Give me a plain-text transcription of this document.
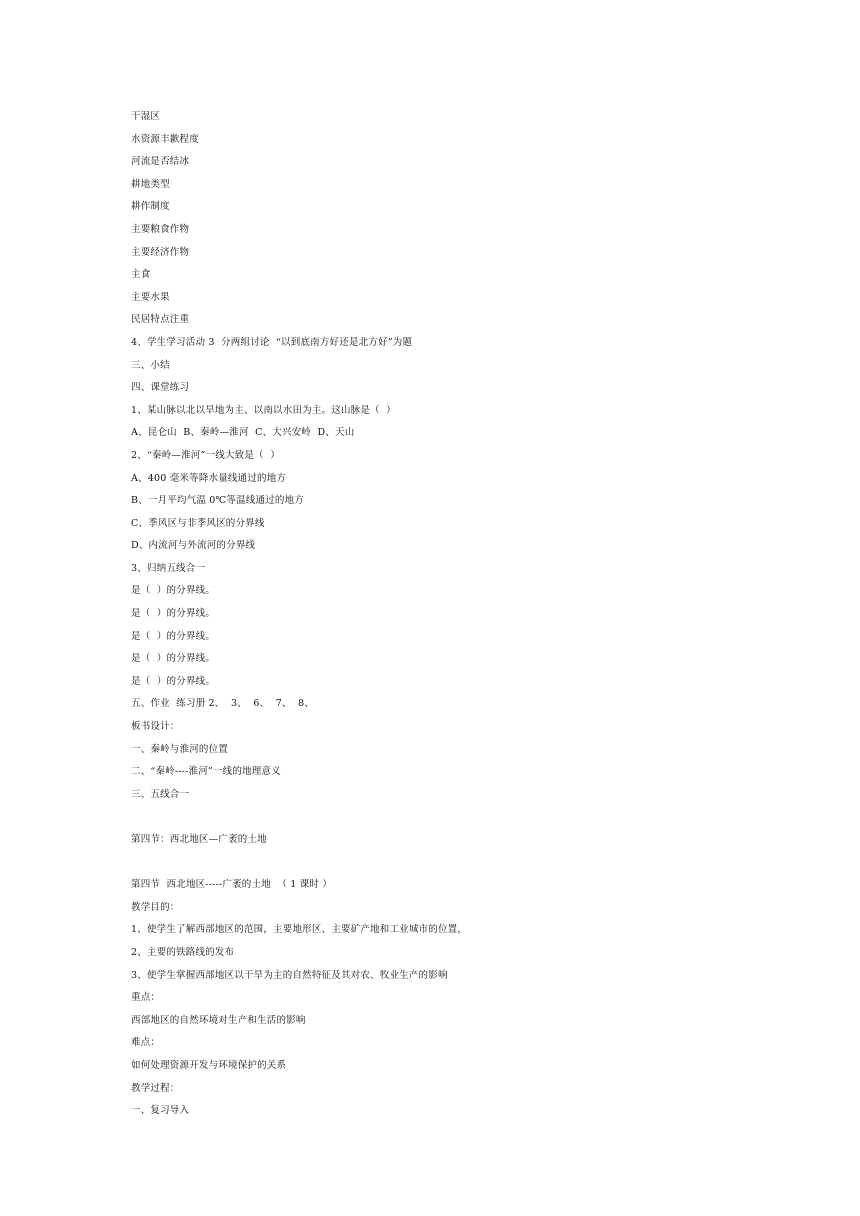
干湿区
水资源丰歉程度
河流是否结冰
耕地类型
耕作制度
主要粮食作物
主要经济作物
主食
主要水果
民居特点注重
4、学生学习活动 3  分两组讨论  “以到底南方好还是北方好”为题
三、小结
四、课堂练习
1、某山脉以北以旱地为主、以南以水田为主。这山脉是（  ）
A、昆仑山  B、秦岭—淮河  C、大兴安岭  D、天山
2、“秦岭—淮河”一线大致是（  ）
A、400 毫米等降水量线通过的地方
B、一月平均气温 0℃等温线通过的地方
C、季风区与非季风区的分界线
D、内流河与外流河的分界线
3、归纳五线合一
是（  ）的分界线。
是（  ）的分界线。
是（  ）的分界线。
是（  ）的分界线。
是（  ）的分界线。
五、作业  练习册 2、  3、  6、  7、  8、
板书设计：
一、秦岭与淮河的位置
二、“秦岭----淮河”一线的地理意义
三、五线合一
第四节：西北地区—广袤的土地
第四节  西北地区-----广袤的土地  （ 1 课时 ）
教学目的：
1、使学生了解西部地区的范围，主要地形区、主要矿产地和工业城市的位置，
2、主要的铁路线的发布
3、使学生掌握西部地区以干旱为主的自然特征及其对农、牧业生产的影响
重点：
西部地区的自然环境对生产和生活的影响
难点：
如何处理资源开发与环境保护的关系
教学过程：
一、复习导入
